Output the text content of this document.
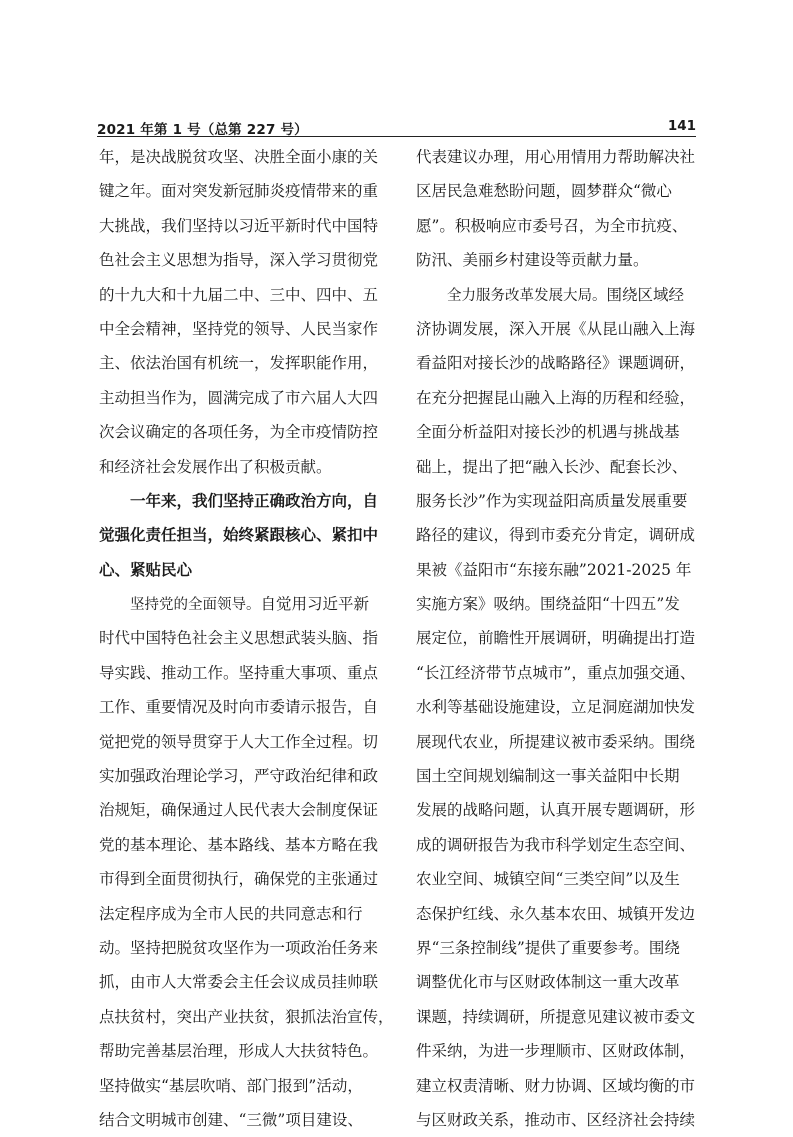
2021 年第 1 号（总第 227 号）	141
年，是决战脱贫攻坚、决胜全面小康的关
键之年。面对突发新冠肺炎疫情带来的重
大挑战，我们坚持以习近平新时代中国特
色社会主义思想为指导，深入学习贯彻党
的十九大和十九届二中、三中、四中、五
中全会精神，坚持党的领导、人民当家作
主、依法治国有机统一，发挥职能作用，
主动担当作为，圆满完成了市六届人大四
次会议确定的各项任务，为全市疫情防控
和经济社会发展作出了积极贡献。
一年来，我们坚持正确政治方向，自
觉强化责任担当，始终紧跟核心、紧扣中
心、紧贴民心
坚持党的全面领导。自觉用习近平新
时代中国特色社会主义思想武装头脑、指
导实践、推动工作。坚持重大事项、重点
工作、重要情况及时向市委请示报告，自
觉把党的领导贯穿于人大工作全过程。切
实加强政治理论学习，严守政治纪律和政
治规矩，确保通过人民代表大会制度保证
党的基本理论、基本路线、基本方略在我
市得到全面贯彻执行，确保党的主张通过
法定程序成为全市人民的共同意志和行
动。坚持把脱贫攻坚作为一项政治任务来
抓，由市人大常委会主任会议成员挂帅联
点扶贫村，突出产业扶贫，狠抓法治宣传，
帮助完善基层治理，形成人大扶贫特色。
坚持做实“基层吹哨、部门报到”活动，
结合文明城市创建、“三微”项目建设、
代表建议办理，用心用情用力帮助解决社
区居民急难愁盼问题，圆梦群众“微心
愿”。积极响应市委号召，为全市抗疫、
防汛、美丽乡村建设等贡献力量。
全力服务改革发展大局。围绕区域经
济协调发展，深入开展《从昆山融入上海
看益阳对接长沙的战略路径》课题调研，
在充分把握昆山融入上海的历程和经验，
全面分析益阳对接长沙的机遇与挑战基
础上，提出了把“融入长沙、配套长沙、
服务长沙”作为实现益阳高质量发展重要
路径的建议，得到市委充分肯定，调研成
果被《益阳市“东接东融”2021-2025 年
实施方案》吸纳。围绕益阳“十四五”发
展定位，前瞻性开展调研，明确提出打造
“长江经济带节点城市”，重点加强交通、
水利等基础设施建设，立足洞庭湖加快发
展现代农业，所提建议被市委采纳。围绕
国土空间规划编制这一事关益阳中长期
发展的战略问题，认真开展专题调研，形
成的调研报告为我市科学划定生态空间、
农业空间、城镇空间“三类空间”以及生
态保护红线、永久基本农田、城镇开发边
界“三条控制线”提供了重要参考。围绕
调整优化市与区财政体制这一重大改革
课题，持续调研，所提意见建议被市委文
件采纳，为进一步理顺市、区财政体制，
建立权责清晰、财力协调、区域均衡的市
与区财政关系，推动市、区经济社会持续
